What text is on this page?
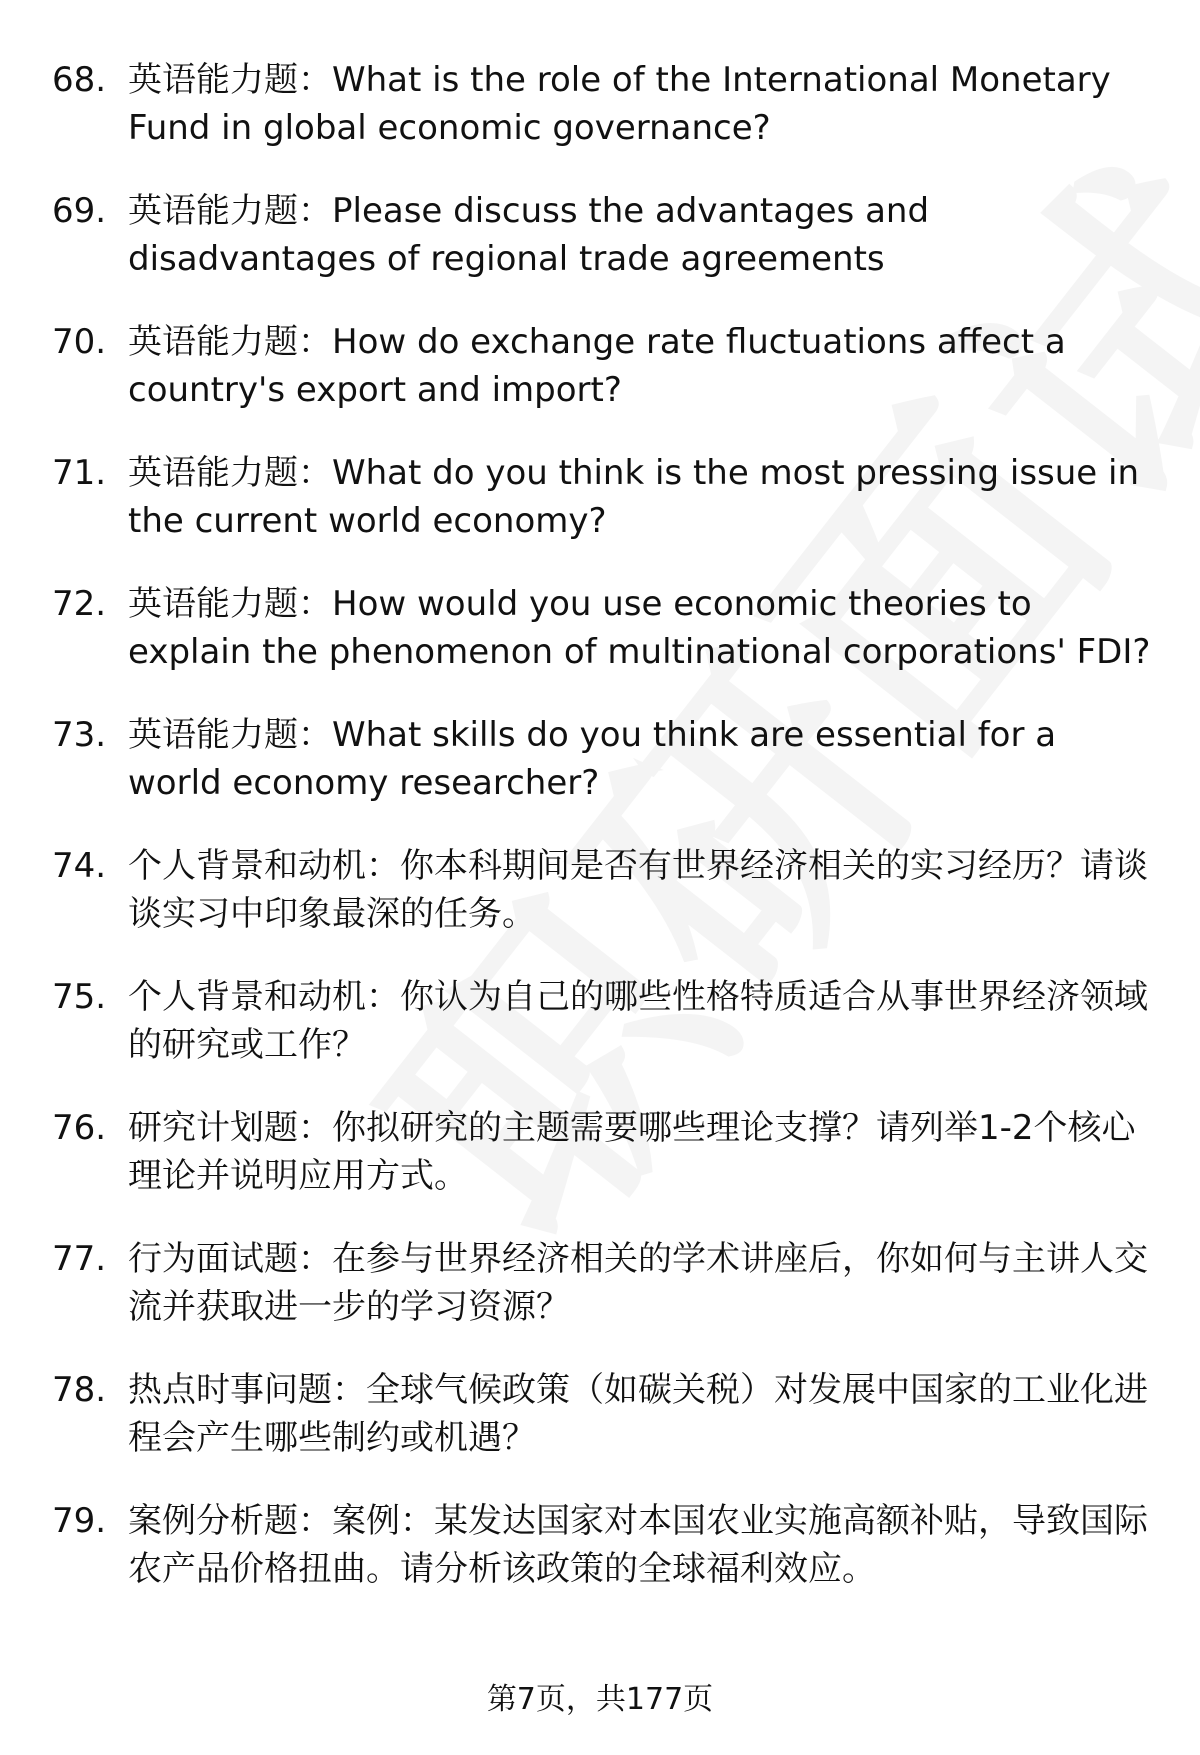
68. 英语能力题：What is the role of the International Monetary Fund in global economic governance?
69. 英语能力题：Please discuss the advantages and disadvantages of regional trade agreements
70. 英语能力题：How do exchange rate fluctuations affect a country's export and import?
71. 英语能力题：What do you think is the most pressing issue in the current world economy?
72. 英语能力题：How would you use economic theories to explain the phenomenon of multinational corporations' FDI?
73. 英语能力题：What skills do you think are essential for a world economy researcher?
74. 个人背景和动机：你本科期间是否有世界经济相关的实习经历？请谈谈实习中印象最深的任务。
75. 个人背景和动机：你认为自己的哪些性格特质适合从事世界经济领域的研究或工作？
76. 研究计划题：你拟研究的主题需要哪些理论支撑？请列举1-2个核心理论并说明应用方式。
77. 行为面试题：在参与世界经济相关的学术讲座后，你如何与主讲人交流并获取进一步的学习资源？
78. 热点时事问题：全球气候政策（如碳关税）对发展中国家的工业化进程会产生哪些制约或机遇？
79. 案例分析题：案例：某发达国家对本国农业实施高额补贴，导致国际农产品价格扭曲。请分析该政策的全球福利效应。
第7页，共177页
